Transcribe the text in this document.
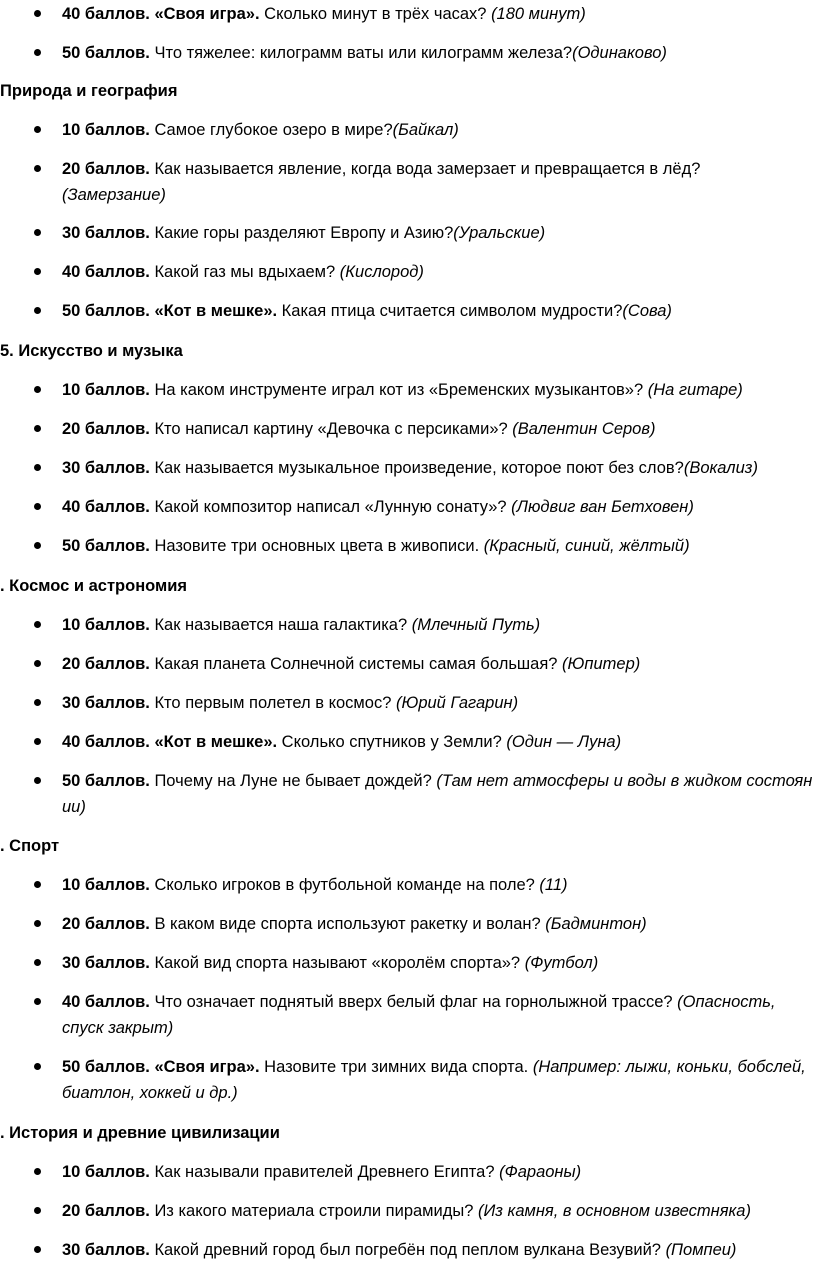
40 баллов. «Своя игра». Сколько минут в трёх часах? (180 минут)
50 баллов. Что тяжелее: килограмм ваты или килограмм железа?(Одинаково)
Природа и география
10 баллов. Самое глубокое озеро в мире?(Байкал)
20 баллов. Как называется явление, когда вода замерзает и превращается в лёд? (Замерзание)
30 баллов. Какие горы разделяют Европу и Азию?(Уральские)
40 баллов. Какой газ мы вдыхаем? (Кислород)
50 баллов. «Кот в мешке». Какая птица считается символом мудрости?(Сова)
5. Искусство и музыка
10 баллов. На каком инструменте играл кот из «Бременских музыкантов»? (На гитаре)
20 баллов. Кто написал картину «Девочка с персиками»? (Валентин Серов)
30 баллов. Как называется музыкальное произведение, которое поют без слов?(Вокализ)
40 баллов. Какой композитор написал «Лунную сонату»? (Людвиг ван Бетховен)
50 баллов. Назовите три основных цвета в живописи. (Красный, синий, жёлтый)
. Космос и астрономия
10 баллов. Как называется наша галактика? (Млечный Путь)
20 баллов. Какая планета Солнечной системы самая большая? (Юпитер)
30 баллов. Кто первым полетел в космос? (Юрий Гагарин)
40 баллов. «Кот в мешке». Сколько спутников у Земли? (Один — Луна)
50 баллов. Почему на Луне не бывает дождей? (Там нет атмосферы и воды в жидком состоянии)
. Спорт
10 баллов. Сколько игроков в футбольной команде на поле? (11)
20 баллов. В каком виде спорта используют ракетку и волан? (Бадминтон)
30 баллов. Какой вид спорта называют «королём спорта»? (Футбол)
40 баллов. Что означает поднятый вверх белый флаг на горнолыжной трассе? (Опасность, спуск закрыт)
50 баллов. «Своя игра». Назовите три зимних вида спорта. (Например: лыжи, коньки, бобслей, биатлон, хоккей и др.)
. История и древние цивилизации
10 баллов. Как называли правителей Древнего Египта? (Фараоны)
20 баллов. Из какого материала строили пирамиды? (Из камня, в основном известняка)
30 баллов. Какой древний город был погребён под пеплом вулкана Везувий? (Помпеи)
